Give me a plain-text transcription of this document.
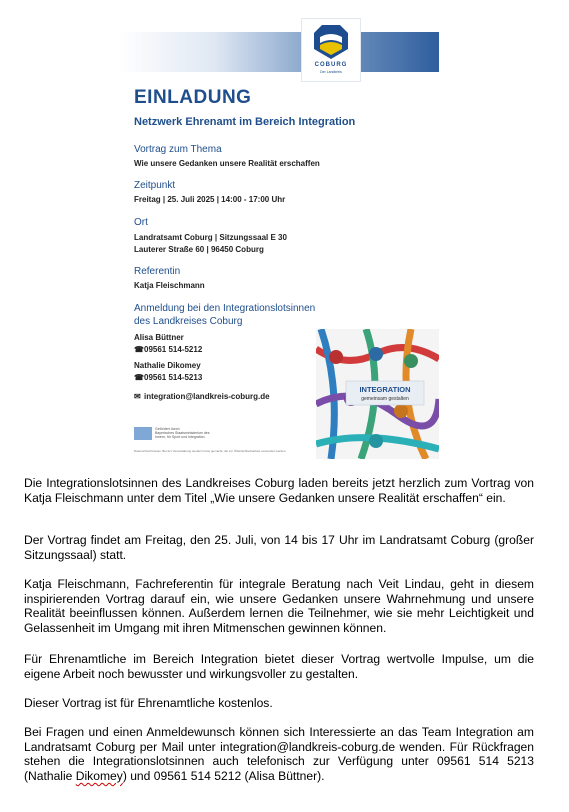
COBURG
Der Landkreis
EINLADUNG
Netzwerk Ehrenamt im Bereich Integration
Vortrag zum Thema
Wie unsere Gedanken unsere Realität erschaffen
Zeitpunkt
Freitag | 25. Juli 2025 | 14:00 - 17:00 Uhr
Ort
Landratsamt Coburg | Sitzungssaal E 30
Lauterer Straße 60 | 96450 Coburg
Referentin
Katja Fleischmann
Anmeldung bei den Integrationslotsinnen
des Landkreises Coburg
Alisa Büttner
☎09561 514-5212
Nathalie Dikomey
☎09561 514-5213
✉ integration@landkreis-coburg.de
INTEGRATION
gemeinsam gestalten
Gefördert durch
Bayerisches Staatsministerium des
Innern, für Sport und Integration
Datenschutzhinweis: Bei der Veranstaltung werden Fotos gemacht, die zur Öffentlichkeitsarbeit verwendet werden.

Die Integrationslotsinnen des Landkreises Coburg laden bereits jetzt herzlich zum Vortrag von Katja Fleischmann unter dem Titel „Wie unsere Gedanken unsere Realität erschaffen“ ein.

Der Vortrag findet am Freitag, den 25. Juli, von 14 bis 17 Uhr im Landratsamt Coburg (großer Sitzungssaal) statt.

Katja Fleischmann, Fachreferentin für integrale Beratung nach Veit Lindau, geht in diesem inspirierenden Vortrag darauf ein, wie unsere Gedanken unsere Wahrnehmung und unsere Realität beeinflussen können. Außerdem lernen die Teilnehmer, wie sie mehr Leichtigkeit und Gelassenheit im Umgang mit ihren Mitmenschen gewinnen können.

Für Ehrenamtliche im Bereich Integration bietet dieser Vortrag wertvolle Impulse, um die eigene Arbeit noch bewusster und wirkungsvoller zu gestalten.

Dieser Vortrag ist für Ehrenamtliche kostenlos.

Bei Fragen und einen Anmeldewunsch können sich Interessierte an das Team Integration am Landratsamt Coburg per Mail unter integration@landkreis-coburg.de wenden. Für Rückfragen stehen die Integrationslotsinnen auch telefonisch zur Verfügung unter 09561 514 5213 (Nathalie Dikomey) und 09561 514 5212 (Alisa Büttner).
